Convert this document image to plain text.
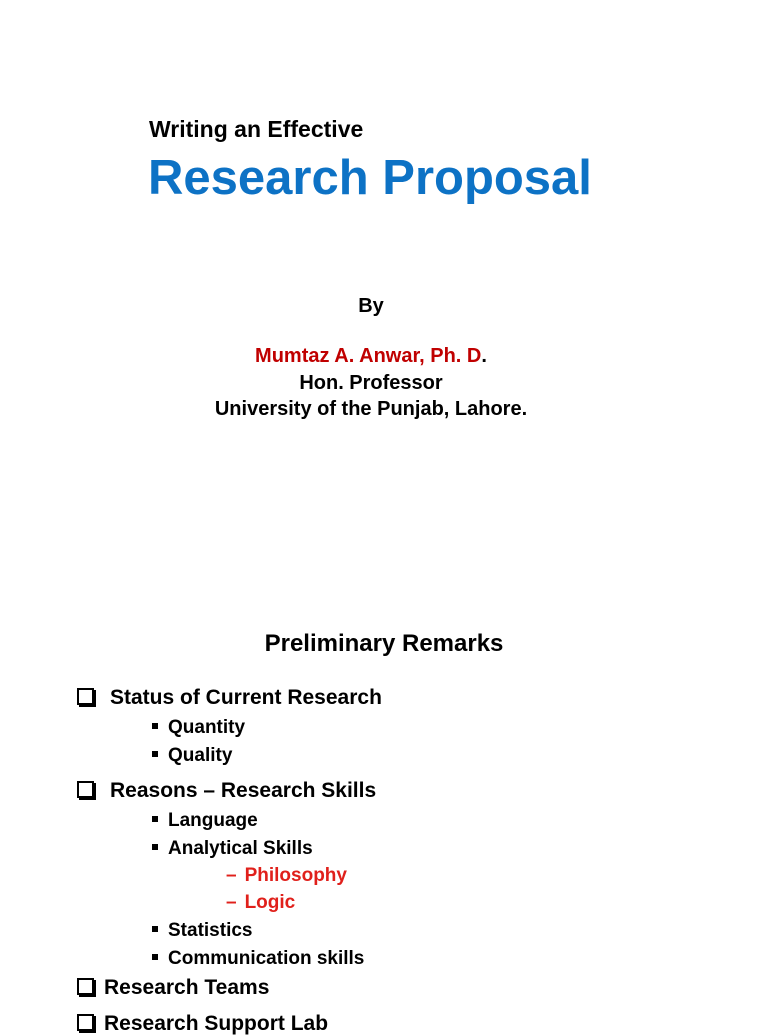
Writing an Effective
Research Proposal
By
Mumtaz A. Anwar, Ph. D.
Hon. Professor
University of the Punjab, Lahore.
Preliminary Remarks
Status of Current Research
Quantity
Quality
Reasons – Research Skills
Language
Analytical Skills
– Philosophy
– Logic
Statistics
Communication skills
Research Teams
Research Support Lab
